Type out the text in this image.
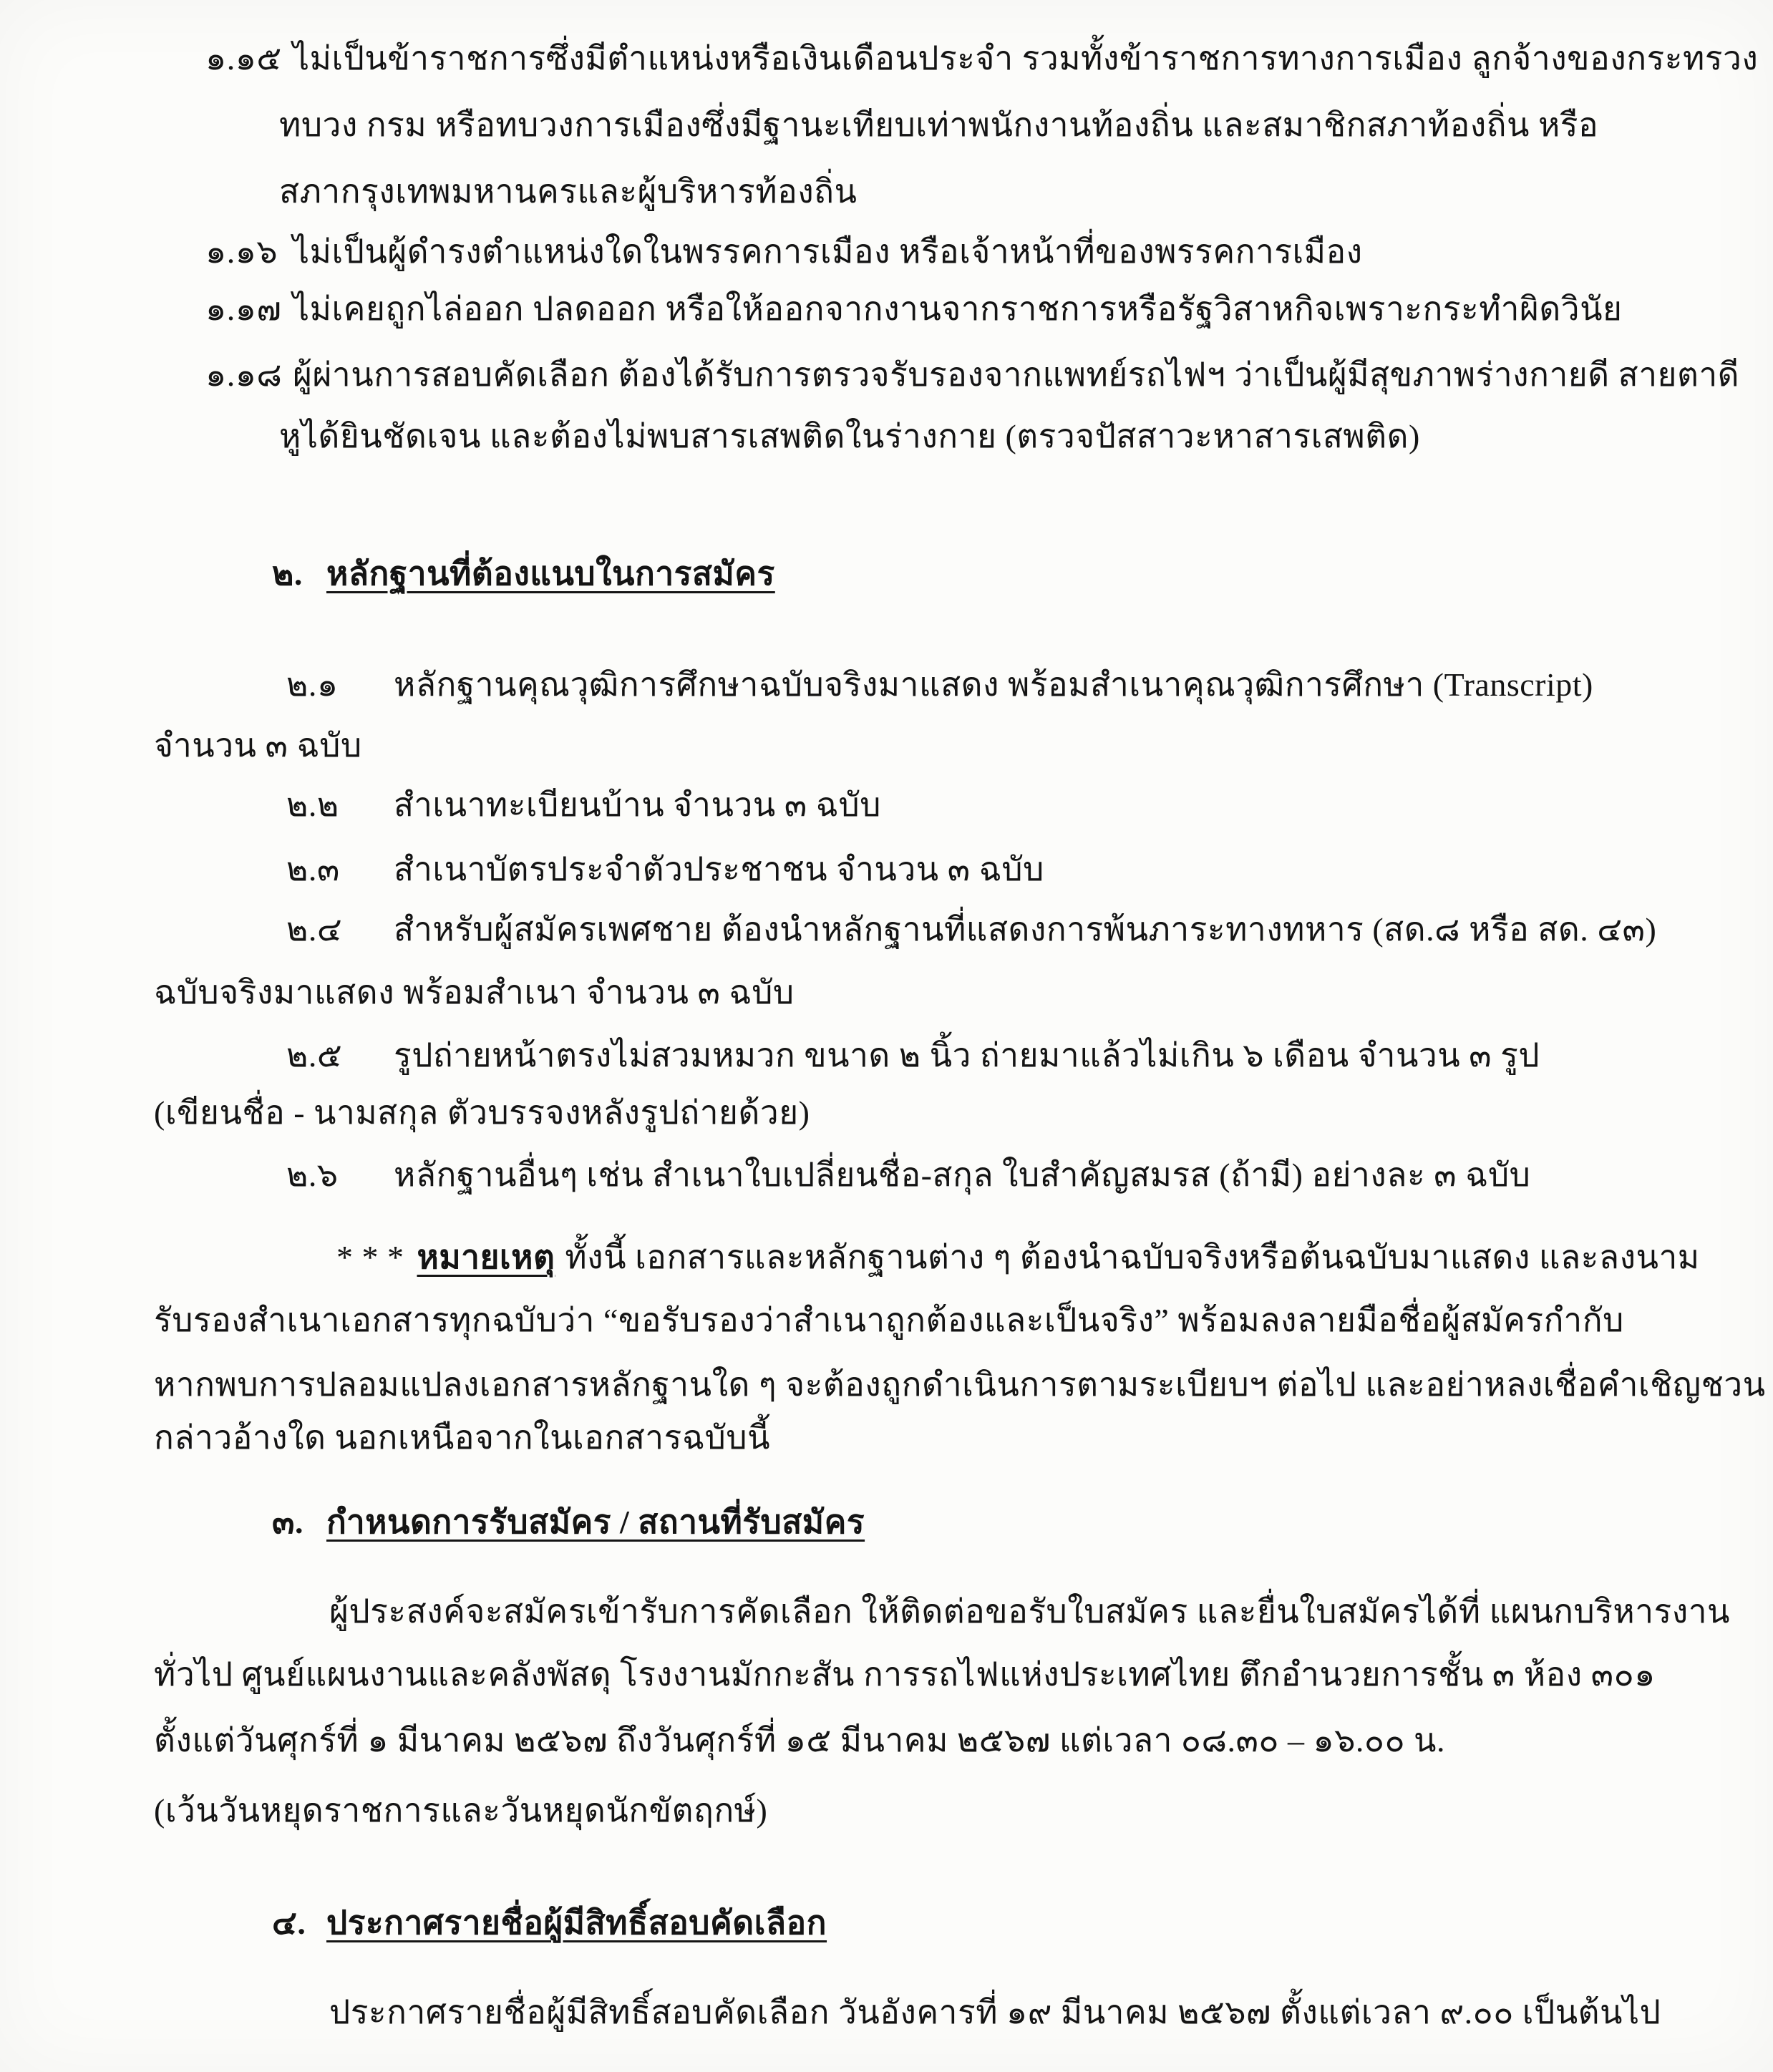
๑.๑๕ ไม่เป็นข้าราชการซึ่งมีตำแหน่งหรือเงินเดือนประจำ รวมทั้งข้าราชการทางการเมือง ลูกจ้างของกระทรวง
ทบวง กรม หรือทบวงการเมืองซึ่งมีฐานะเทียบเท่าพนักงานท้องถิ่น และสมาชิกสภาท้องถิ่น หรือ
สภากรุงเทพมหานครและผู้บริหารท้องถิ่น
๑.๑๖ ไม่เป็นผู้ดำรงตำแหน่งใดในพรรคการเมือง หรือเจ้าหน้าที่ของพรรคการเมือง
๑.๑๗ ไม่เคยถูกไล่ออก ปลดออก หรือให้ออกจากงานจากราชการหรือรัฐวิสาหกิจเพราะกระทำผิดวินัย
๑.๑๘ ผู้ผ่านการสอบคัดเลือก ต้องได้รับการตรวจรับรองจากแพทย์รถไฟฯ ว่าเป็นผู้มีสุขภาพร่างกายดี สายตาดี
หูได้ยินชัดเจน และต้องไม่พบสารเสพติดในร่างกาย (ตรวจปัสสาวะหาสารเสพติด)
๒. หลักฐานที่ต้องแนบในการสมัคร
๒.๑ หลักฐานคุณวุฒิการศึกษาฉบับจริงมาแสดง พร้อมสำเนาคุณวุฒิการศึกษา (Transcript)
จำนวน ๓ ฉบับ
๒.๒ สำเนาทะเบียนบ้าน จำนวน ๓ ฉบับ
๒.๓ สำเนาบัตรประจำตัวประชาชน จำนวน ๓ ฉบับ
๒.๔ สำหรับผู้สมัครเพศชาย ต้องนำหลักฐานที่แสดงการพ้นภาระทางทหาร (สด.๘ หรือ สด. ๔๓)
ฉบับจริงมาแสดง พร้อมสำเนา จำนวน ๓ ฉบับ
๒.๕ รูปถ่ายหน้าตรงไม่สวมหมวก ขนาด ๒ นิ้ว ถ่ายมาแล้วไม่เกิน ๖ เดือน จำนวน ๓ รูป
(เขียนชื่อ - นามสกุล ตัวบรรจงหลังรูปถ่ายด้วย)
๒.๖ หลักฐานอื่นๆ เช่น สำเนาใบเปลี่ยนชื่อ-สกุล ใบสำคัญสมรส (ถ้ามี) อย่างละ ๓ ฉบับ
* * * หมายเหตุ ทั้งนี้ เอกสารและหลักฐานต่าง ๆ ต้องนำฉบับจริงหรือต้นฉบับมาแสดง และลงนาม
รับรองสำเนาเอกสารทุกฉบับว่า “ขอรับรองว่าสำเนาถูกต้องและเป็นจริง” พร้อมลงลายมือชื่อผู้สมัครกำกับ
หากพบการปลอมแปลงเอกสารหลักฐานใด ๆ จะต้องถูกดำเนินการตามระเบียบฯ ต่อไป และอย่าหลงเชื่อคำเชิญชวน
กล่าวอ้างใด นอกเหนือจากในเอกสารฉบับนี้
๓. กำหนดการรับสมัคร / สถานที่รับสมัคร
ผู้ประสงค์จะสมัครเข้ารับการคัดเลือก ให้ติดต่อขอรับใบสมัคร และยื่นใบสมัครได้ที่ แผนกบริหารงาน
ทั่วไป ศูนย์แผนงานและคลังพัสดุ โรงงานมักกะสัน การรถไฟแห่งประเทศไทย ตึกอำนวยการชั้น ๓ ห้อง ๓๐๑
ตั้งแต่วันศุกร์ที่ ๑ มีนาคม ๒๕๖๗ ถึงวันศุกร์ที่ ๑๕ มีนาคม ๒๕๖๗ แต่เวลา ๐๘.๓๐ – ๑๖.๐๐ น.
(เว้นวันหยุดราชการและวันหยุดนักขัตฤกษ์)
๔. ประกาศรายชื่อผู้มีสิทธิ์สอบคัดเลือก
ประกาศรายชื่อผู้มีสิทธิ์สอบคัดเลือก วันอังคารที่ ๑๙ มีนาคม ๒๕๖๗ ตั้งแต่เวลา ๙.๐๐ เป็นต้นไป
